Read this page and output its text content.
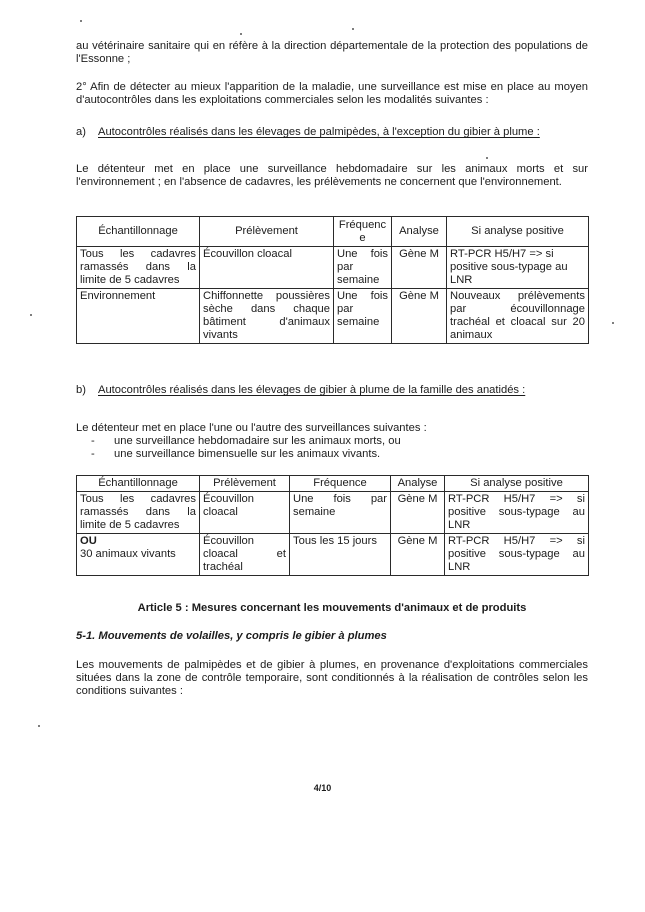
au vétérinaire sanitaire qui en réfère à la direction départementale de la protection des populations de l'Essonne ;

2° Afin de détecter au mieux l'apparition de la maladie, une surveillance est mise en place au moyen d'autocontrôles dans les exploitations commerciales selon les modalités suivantes :

a)	Autocontrôles réalisés dans les élevages de palmipèdes, à l'exception du gibier à plume :

Le détenteur met en place une surveillance hebdomadaire sur les animaux morts et sur l'environnement ; en l'absence de cadavres, les prélèvements ne concernent que l'environnement.

Échantillonnage	Prélèvement	Fréquence	Analyse	Si analyse positive
Tous les cadavres ramassés dans la limite de 5 cadavres	Écouvillon cloacal	Une fois par semaine	Gène M	RT-PCR H5/H7 => si positive sous-typage au LNR
Environnement	Chiffonnette poussières sèche dans chaque bâtiment d'animaux vivants	Une fois par semaine	Gène M	Nouveaux prélèvements par écouvillonnage trachéal et cloacal sur 20 animaux
b)	Autocontrôles réalisés dans les élevages de gibier à plume de la famille des anatidés :

Le détenteur met en place l'une ou l'autre des surveillances suivantes :

- une surveillance hebdomadaire sur les animaux morts, ou
- une surveillance bimensuelle sur les animaux vivants.
Échantillonnage	Prélèvement	Fréquence	Analyse	Si analyse positive
Tous les cadavres ramassés dans la limite de 5 cadavres	Écouvillon cloacal	Une fois par semaine	Gène M	RT-PCR H5/H7 => si positive sous-typage au LNR

OU
30 animaux vivants	Écouvillon cloacal et trachéal	Tous les 15 jours	Gène M	RT-PCR H5/H7 => si positive sous-typage au LNR
Article 5 : Mesures concernant les mouvements d'animaux et de produits
5-1. Mouvements de volailles, y compris le gibier à plumes

Les mouvements de palmipèdes et de gibier à plumes, en provenance d'exploitations commerciales situées dans la zone de contrôle temporaire, sont conditionnés à la réalisation de contrôles selon les conditions suivantes :

4/10
